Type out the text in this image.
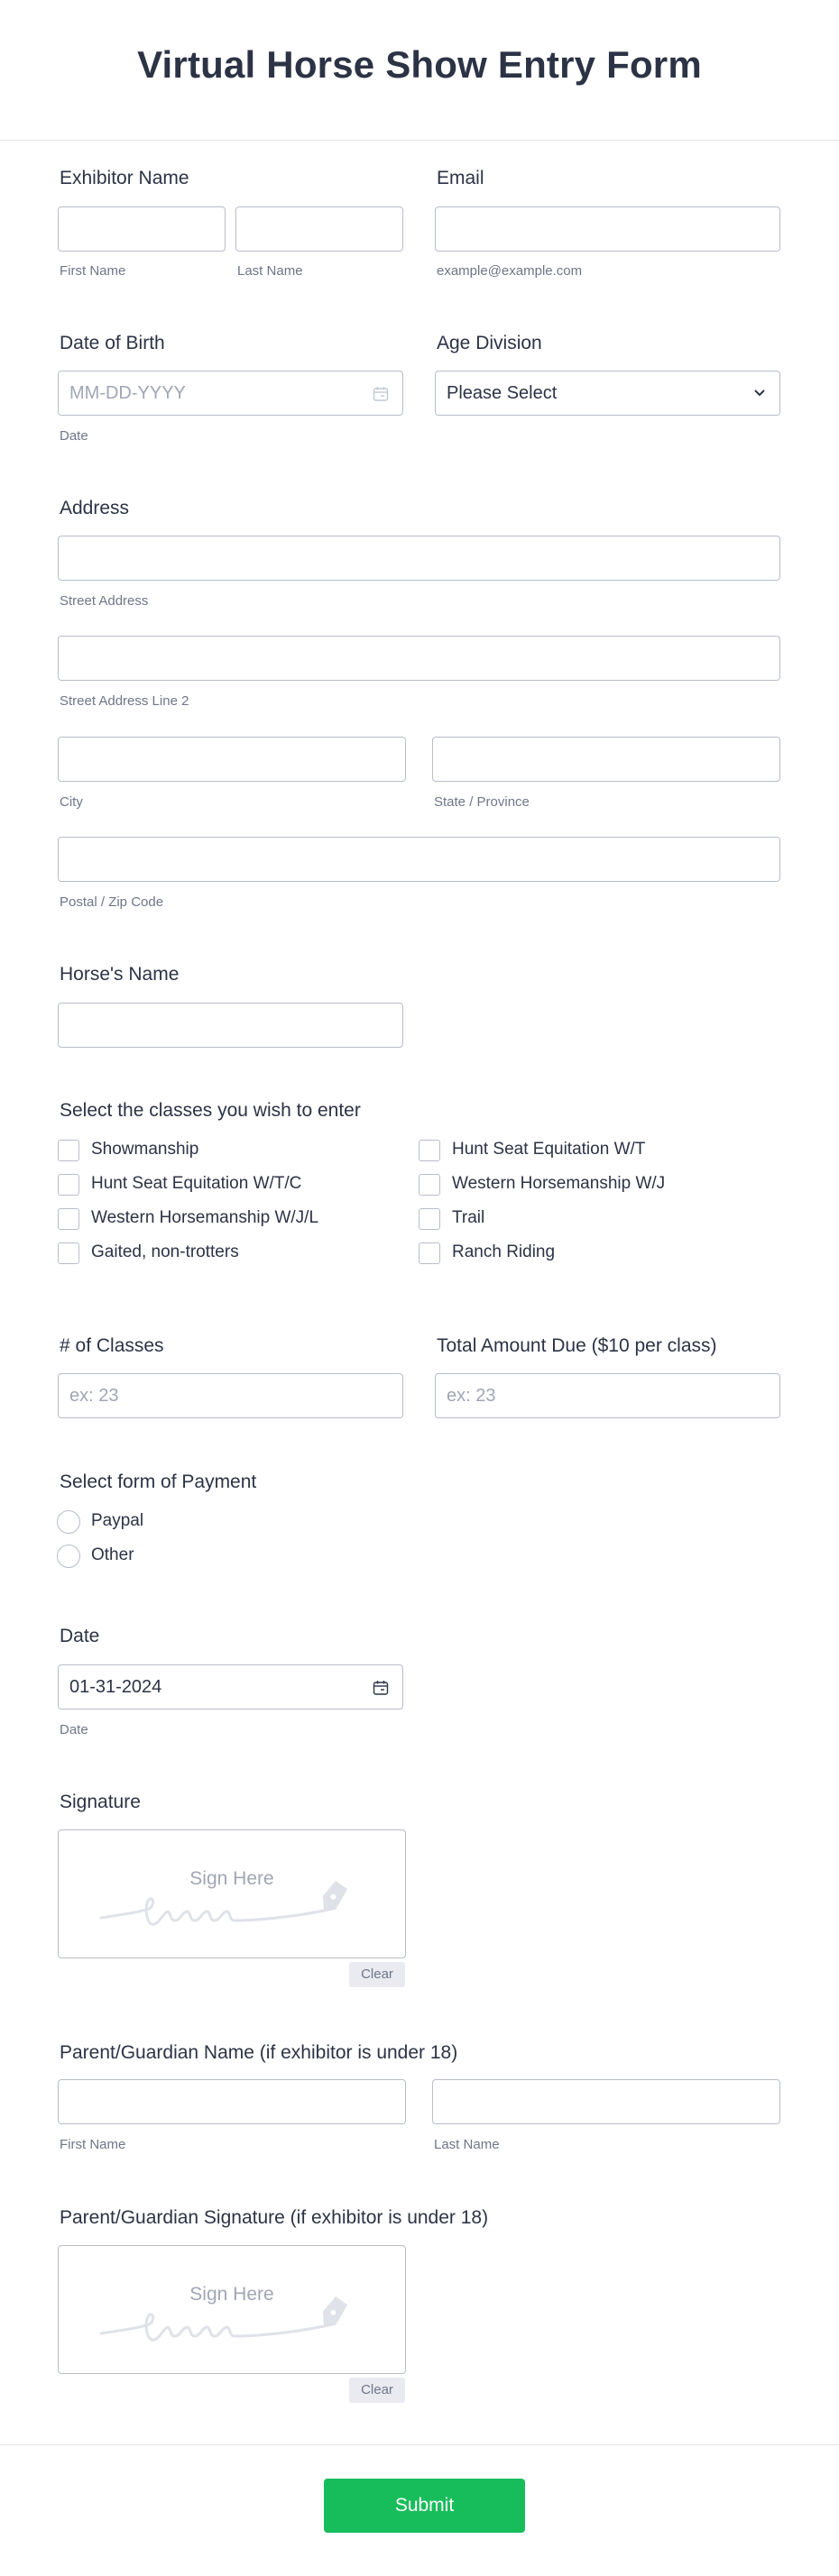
Virtual Horse Show Entry Form
Exhibitor Name
First Name	Last Name
Email
example@example.com
Date of Birth
MM-DD-YYYY
Date
Age Division
Please Select
Address
Street Address
Street Address Line 2
City	State / Province
Postal / Zip Code
Horse's Name
Select the classes you wish to enter
Showmanship
Hunt Seat Equitation W/T/C
Western Horsemanship W/J/L
Gaited, non-trotters
Hunt Seat Equitation W/T
Western Horsemanship W/J
Trail
Ranch Riding
# of Classes
ex: 23
Total Amount Due ($10 per class)
ex: 23
Select form of Payment
Paypal
Other
Date
01-31-2024
Date
Signature
Sign Here
Clear
Parent/Guardian Name (if exhibitor is under 18)
First Name	Last Name
Parent/Guardian Signature (if exhibitor is under 18)
Sign Here
Clear
Submit
